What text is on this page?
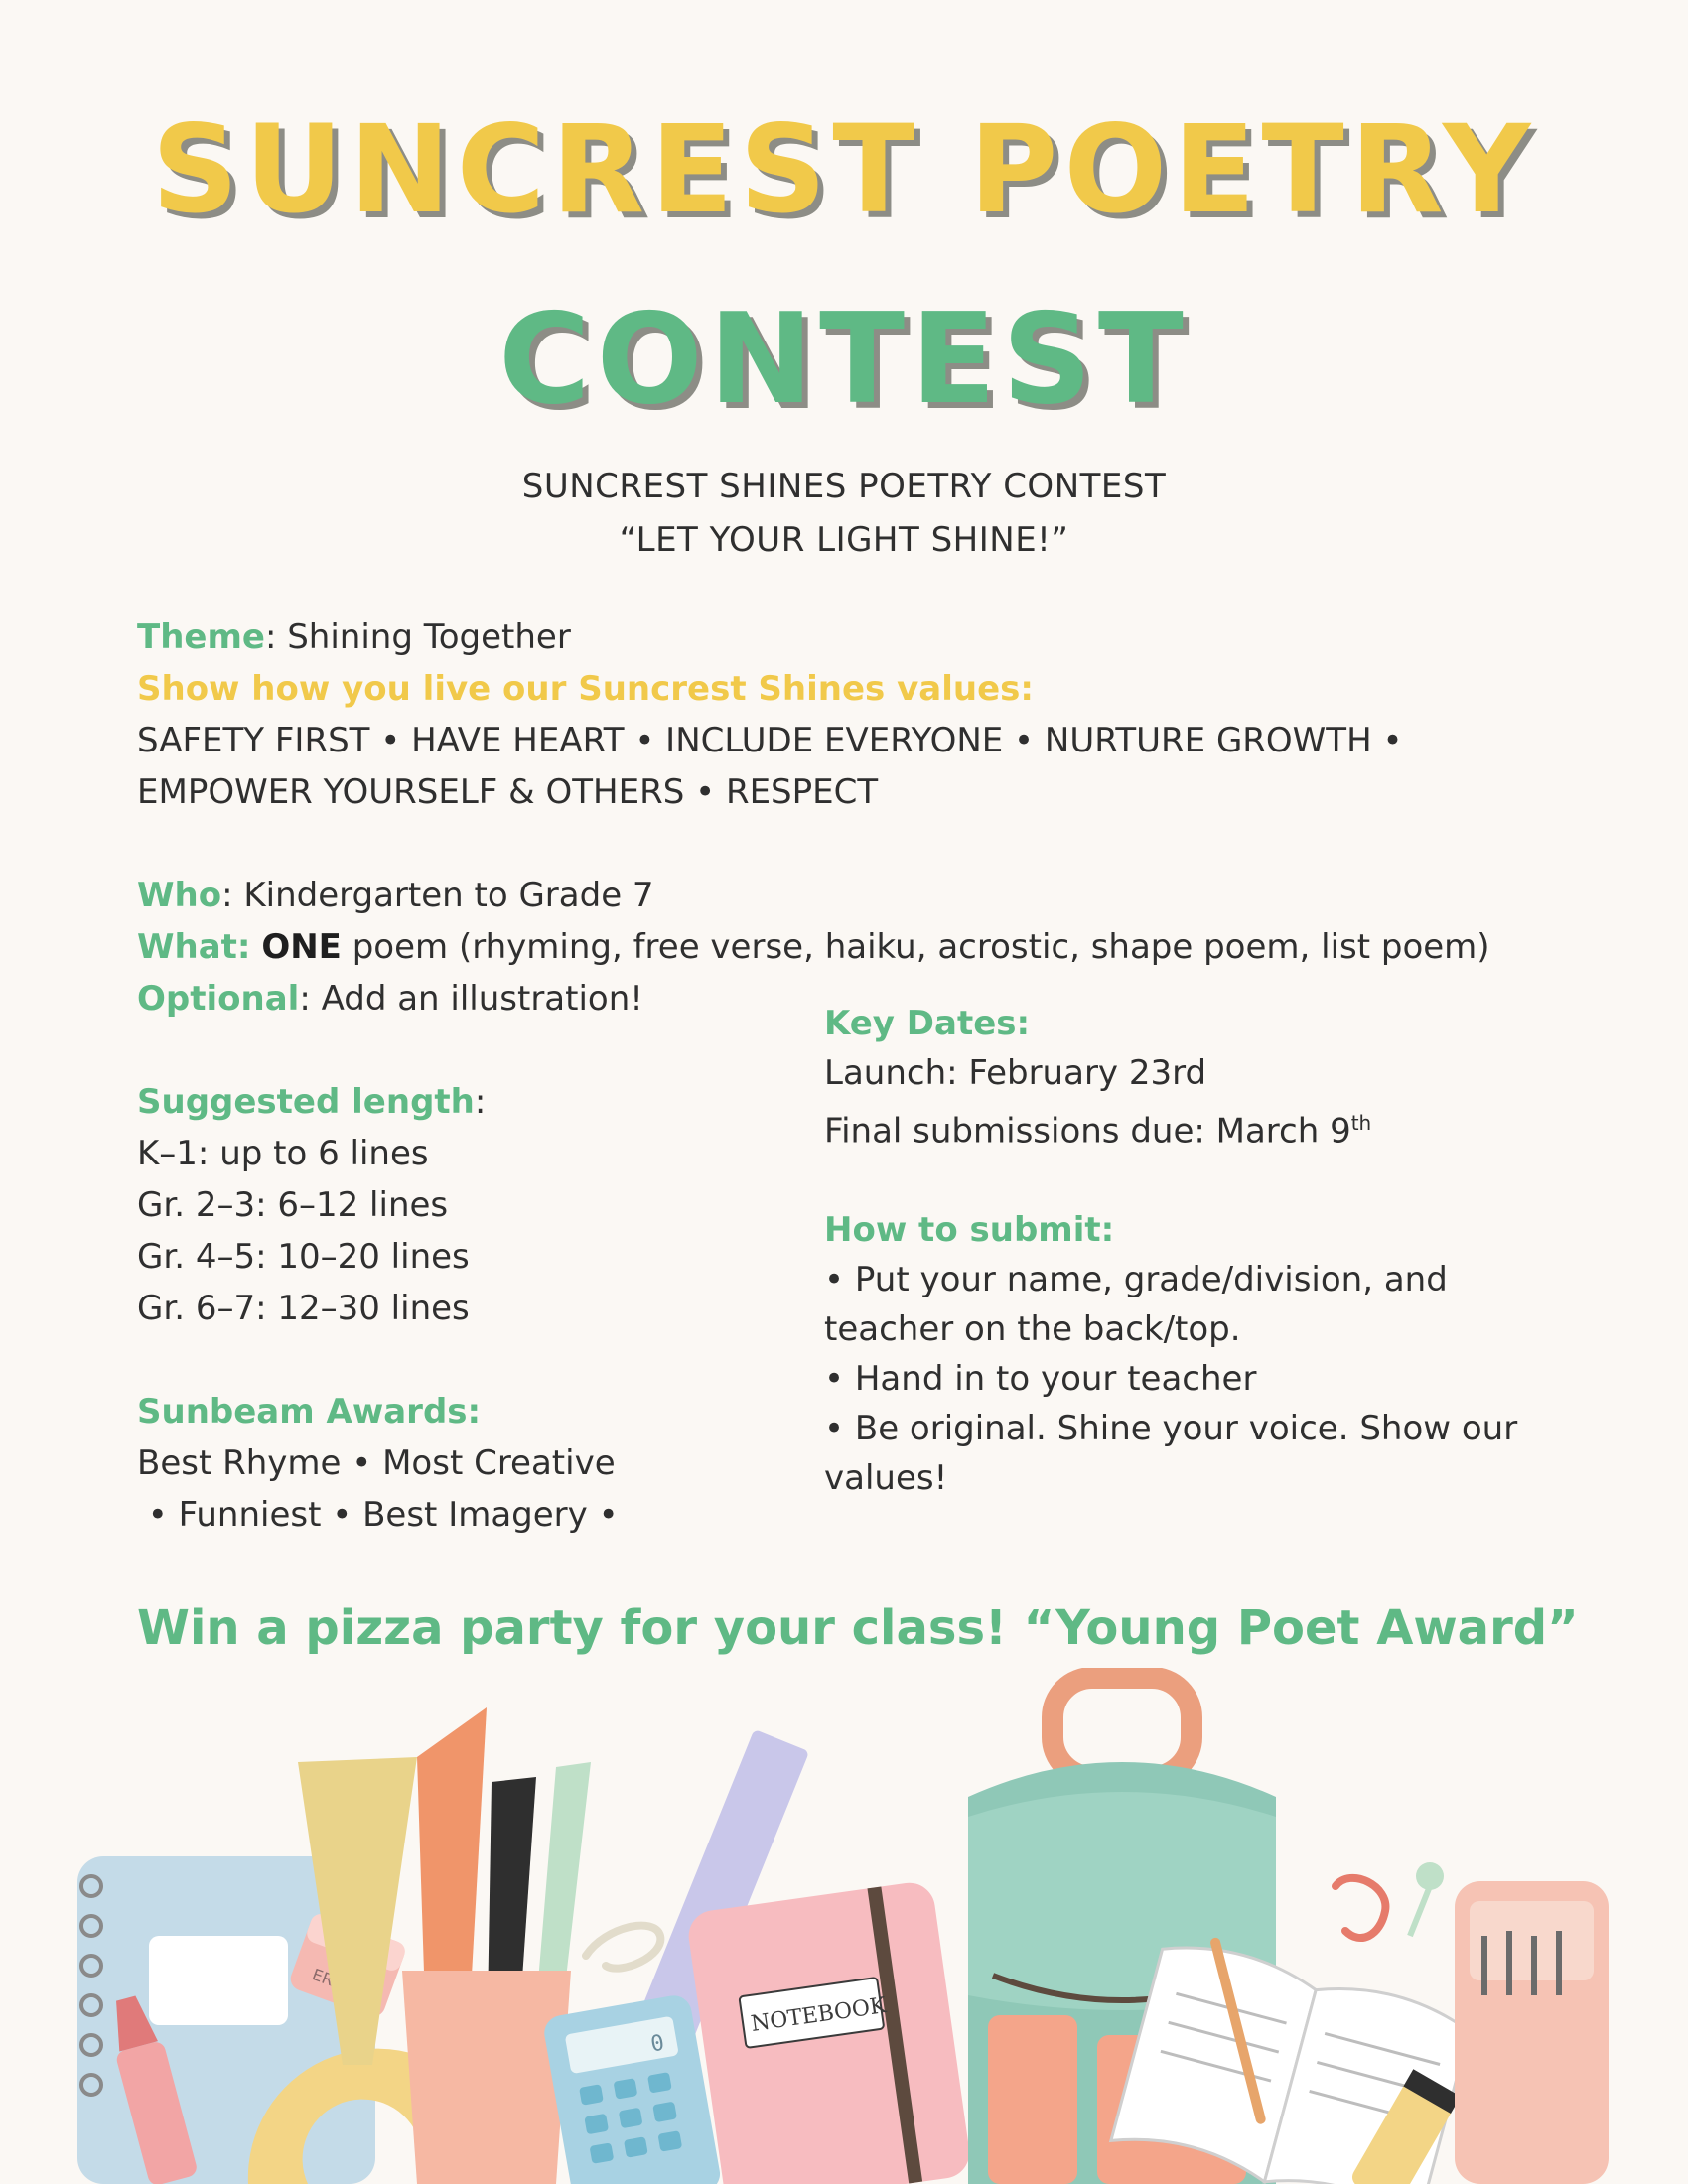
SUNCREST POETRY
CONTEST

SUNCREST SHINES POETRY CONTEST

“LET YOUR LIGHT SHINE!”

Theme: Shining Together

Show how you live our Suncrest Shines values:

SAFETY FIRST • HAVE HEART • INCLUDE EVERYONE • NURTURE GROWTH •

EMPOWER YOURSELF & OTHERS • RESPECT

Who: Kindergarten to Grade 7

What: ONE poem (rhyming, free verse, haiku, acrostic, shape poem, list poem)

Optional: Add an illustration!

Suggested length:
K–1: up to 6 lines
Gr. 2–3: 6–12 lines
Gr. 4–5: 10–20 lines
Gr. 6–7: 12–30 lines
Sunbeam Awards:
Best Rhyme • Most Creative
• Funniest • Best Imagery •
Key Dates:
Launch: February 23rd
Final submissions due: March 9th
How to submit:
• Put your name, grade/division, and teacher on the back/top.
• Hand in to your teacher
• Be original. Shine your voice. Show our values!

Win a pizza party for your class! “Young Poet Award”

0
NOTEBOOK
